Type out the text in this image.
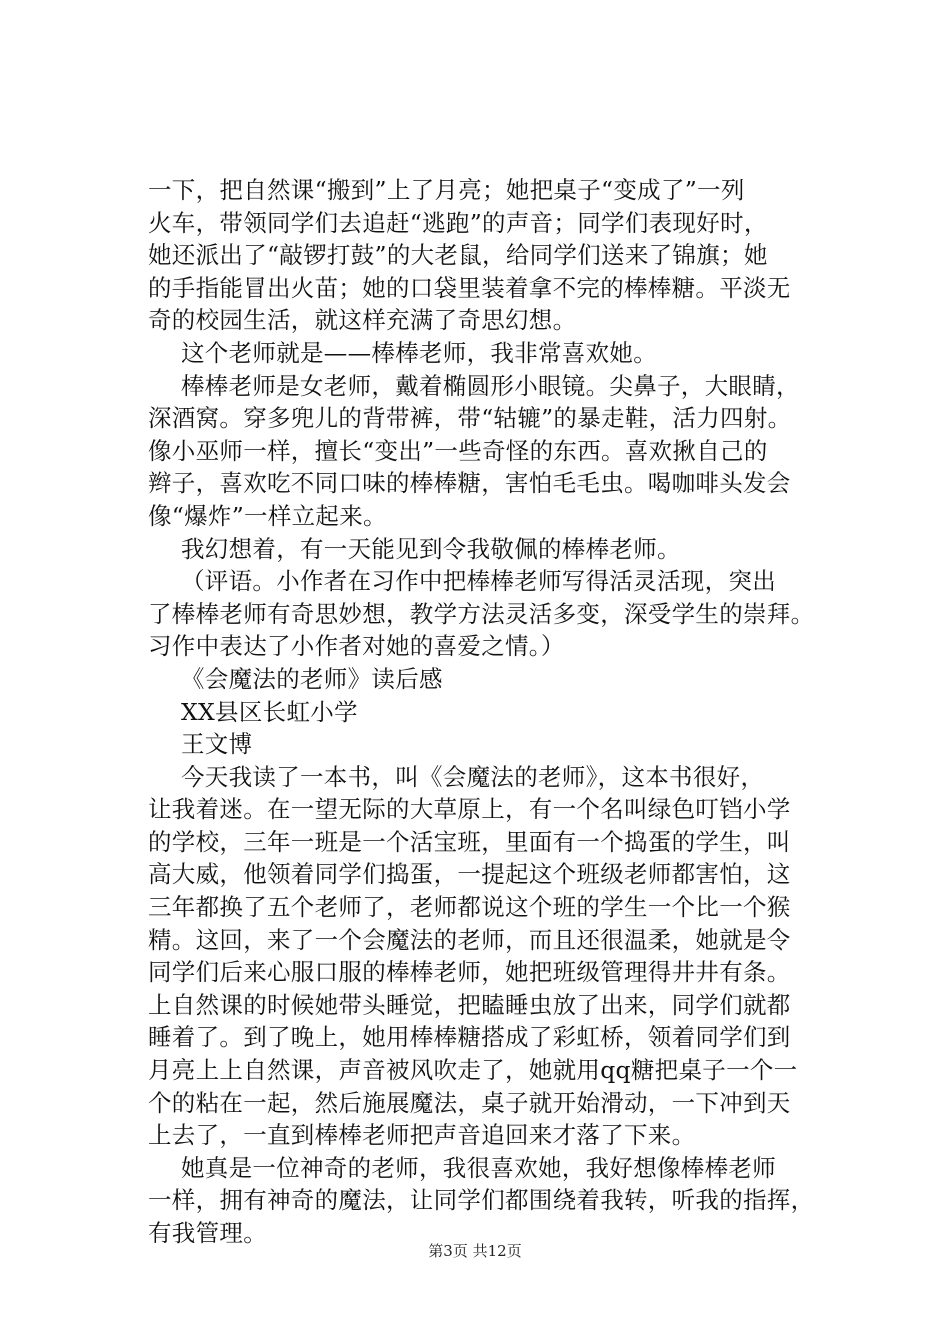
一下，把自然课“搬到”上了月亮；她把桌子“变成了”一列
火车，带领同学们去追赶“逃跑”的声音；同学们表现好时，
她还派出了“敲锣打鼓”的大老鼠，给同学们送来了锦旗；她
的手指能冒出火苗；她的口袋里装着拿不完的棒棒糖。平淡无
奇的校园生活，就这样充满了奇思幻想。
这个老师就是——棒棒老师，我非常喜欢她。
棒棒老师是女老师，戴着椭圆形小眼镜。尖鼻子，大眼睛，
深酒窝。穿多兜儿的背带裤，带“轱辘”的暴走鞋，活力四射。
像小巫师一样，擅长“变出”一些奇怪的东西。喜欢揪自己的
辫子，喜欢吃不同口味的棒棒糖，害怕毛毛虫。喝咖啡头发会
像“爆炸”一样立起来。
我幻想着，有一天能见到令我敬佩的棒棒老师。
（评语。小作者在习作中把棒棒老师写得活灵活现，突出
了棒棒老师有奇思妙想，教学方法灵活多变，深受学生的崇拜。
习作中表达了小作者对她的喜爱之情。）
《会魔法的老师》读后感
XX县区长虹小学
王文博
今天我读了一本书，叫《会魔法的老师》，这本书很好，
让我着迷。在一望无际的大草原上，有一个名叫绿色叮铛小学
的学校，三年一班是一个活宝班，里面有一个捣蛋的学生，叫
高大威，他领着同学们捣蛋，一提起这个班级老师都害怕，这
三年都换了五个老师了，老师都说这个班的学生一个比一个猴
精。这回，来了一个会魔法的老师，而且还很温柔，她就是令
同学们后来心服口服的棒棒老师，她把班级管理得井井有条。
上自然课的时候她带头睡觉，把瞌睡虫放了出来，同学们就都
睡着了。到了晚上，她用棒棒糖搭成了彩虹桥，领着同学们到
月亮上上自然课，声音被风吹走了，她就用qq糖把桌子一个一
个的粘在一起，然后施展魔法，桌子就开始滑动，一下冲到天
上去了，一直到棒棒老师把声音追回来才落了下来。
她真是一位神奇的老师，我很喜欢她，我好想像棒棒老师
一样，拥有神奇的魔法，让同学们都围绕着我转，听我的指挥，
有我管理。
第3页 共12页
